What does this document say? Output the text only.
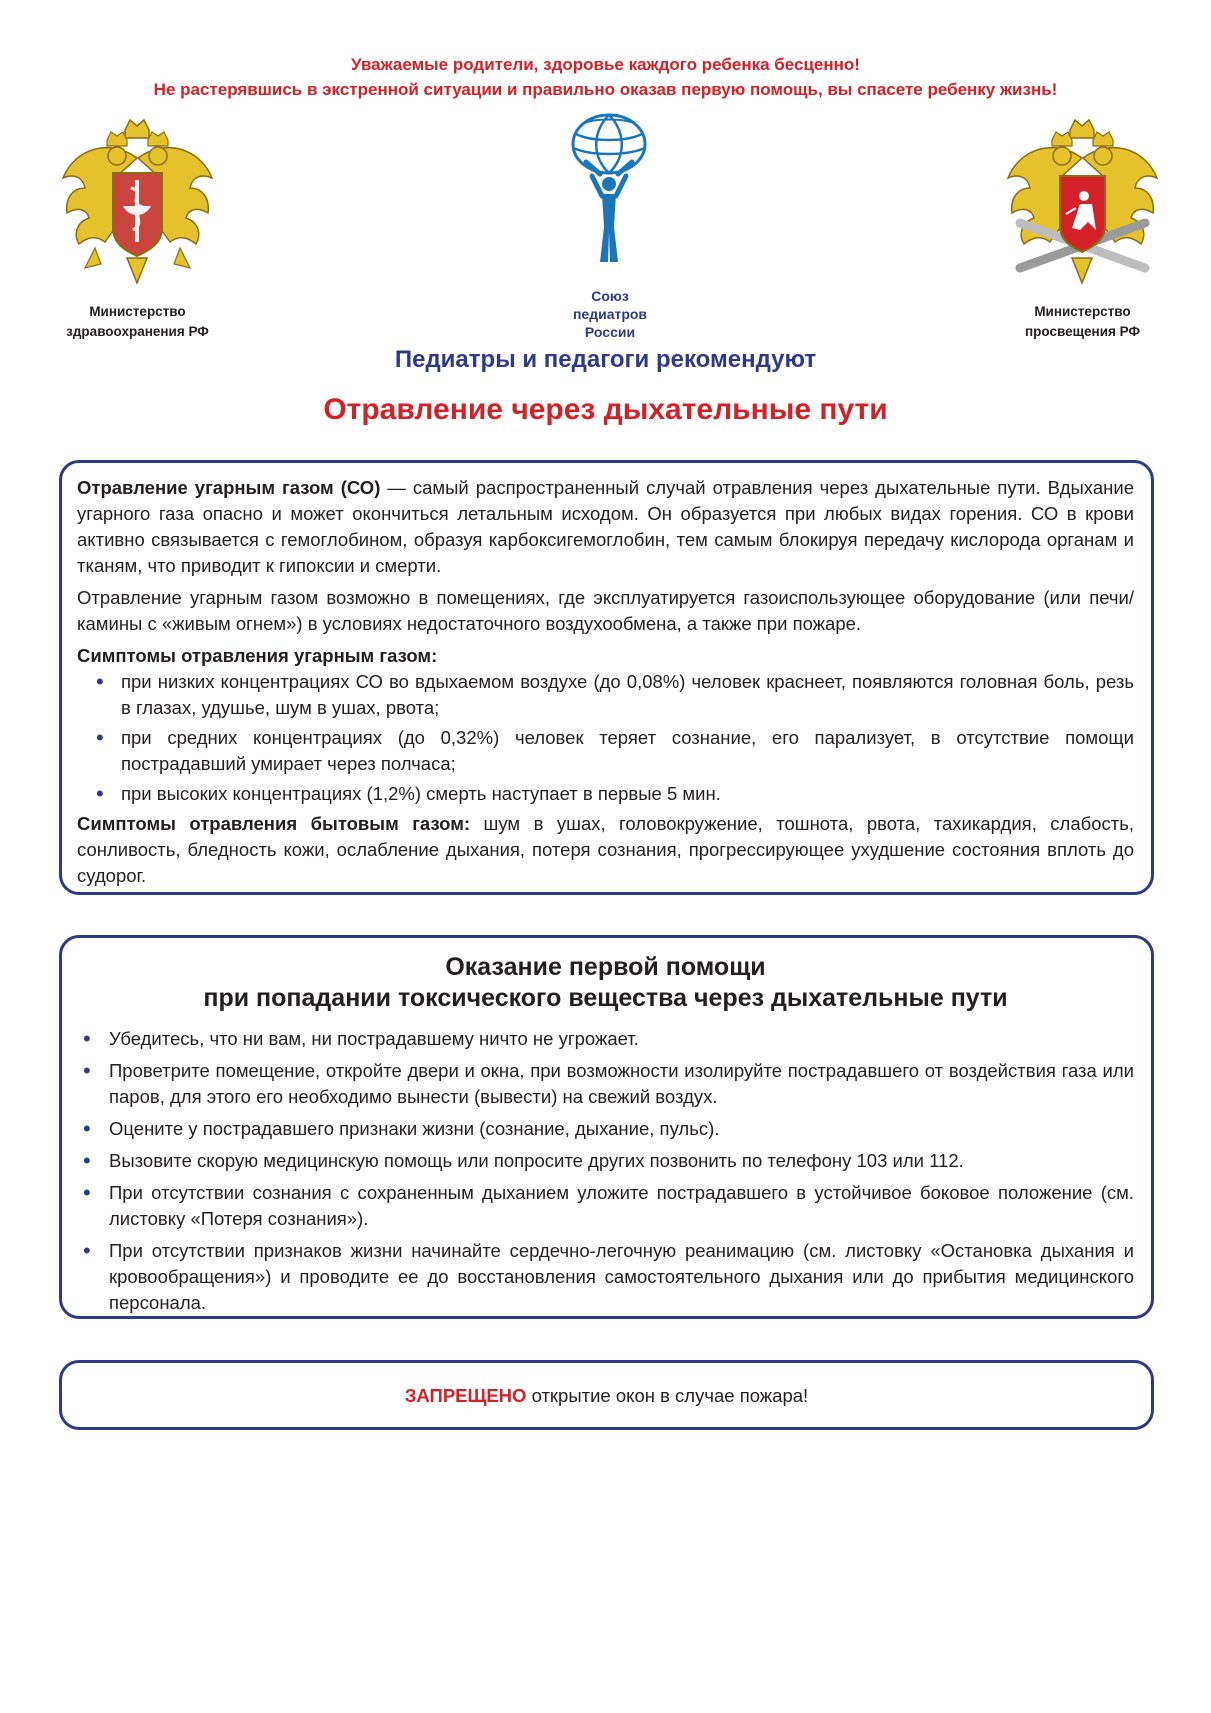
Уважаемые родители, здоровье каждого ребенка бесценно!
Не растерявшись в экстренной ситуации и правильно оказав первую помощь, вы спасете ребенку жизнь!
Министерство
здравоохранения РФ
Союз
педиатров
России
Министерство
просвещения РФ
Педиатры и педагоги рекомендуют
Отравление через дыхательные пути

Отравление угарным газом (СО) — самый распространенный случай отравления через дыхательные пути. Вдыхание угарного газа опасно и может окончиться летальным исходом. Он образуется при любых видах горения. СО в крови активно связывается с гемоглобином, образуя карбоксигемоглобин, тем самым блокируя передачу кислорода органам и тканям, что приводит к гипоксии и смерти.

Отравление угарным газом возможно в помещениях, где эксплуатируется газоиспользующее оборудование (или печи/камины с «живым огнем») в условиях недостаточного воздухообмена, а также при пожаре.

Симптомы отравления угарным газом:

• при низких концентрациях СО во вдыхаемом воздухе (до 0,08%) человек краснеет, появляются головная боль, резь в глазах, удушье, шум в ушах, рвота;
• при средних концентрациях (до 0,32%) человек теряет сознание, его парализует, в отсутствие помощи пострадавший умирает через полчаса;
• при высоких концентрациях (1,2%) смерть наступает в первые 5 мин.

Симптомы отравления бытовым газом: шум в ушах, головокружение, тошнота, рвота, тахикардия, слабость, сонливость, бледность кожи, ослабление дыхания, потеря сознания, прогрессирующее ухудшение состояния вплоть до судорог.

Оказание первой помощи
при попадании токсического вещества через дыхательные пути
• Убедитесь, что ни вам, ни пострадавшему ничто не угрожает.
• Проветрите помещение, откройте двери и окна, при возможности изолируйте пострадавшего от воздействия газа или паров, для этого его необходимо вынести (вывести) на свежий воздух.
• Оцените у пострадавшего признаки жизни (сознание, дыхание, пульс).
• Вызовите скорую медицинскую помощь или попросите других позвонить по телефону 103 или 112.
• При отсутствии сознания с сохраненным дыханием уложите пострадавшего в устойчивое боковое положение (см. листовку «Потеря сознания»).
• При отсутствии признаков жизни начинайте сердечно-легочную реанимацию (см. листовку «Остановка дыхания и кровообращения») и проводите ее до восстановления самостоятельного дыхания или до прибытия медицинского персонала.
ЗАПРЕЩЕНО открытие окон в случае пожара!
